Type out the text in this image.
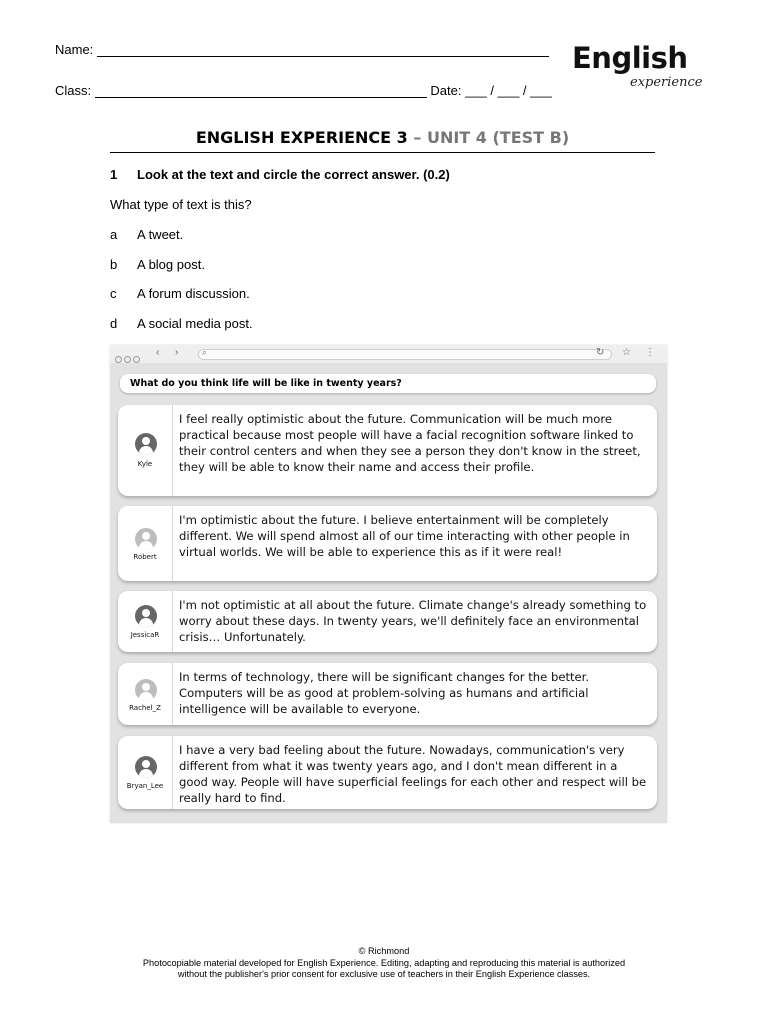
Name:
Class:	Date: ___ / ___ / ___
English
experience
ENGLISH EXPERIENCE 3 – UNIT 4 (TEST B)
1 Look at the text and circle the correct answer. (0.2)
What type of text is this?
a A tweet.
b A blog post.
c A forum discussion.
d A social media post.
‹ ›	⌕	↻ ☆ ⋮
What do you think life will be like in twenty years?
Kyle
I feel really optimistic about the future. Communication will be much more practical because most people will have a facial recognition software linked to their control centers and when they see a person they don't know in the street, they will be able to know their name and access their profile.
Robert
I'm optimistic about the future. I believe entertainment will be completely different. We will spend almost all of our time interacting with other people in virtual worlds. We will be able to experience this as if it were real!
JessicaR
I'm not optimistic at all about the future. Climate change's already something to worry about these days. In twenty years, we'll definitely face an environmental crisis… Unfortunately.
Rachel_Z
In terms of technology, there will be significant changes for the better. Computers will be as good at problem-solving as humans and artificial intelligence will be available to everyone.
Bryan_Lee
I have a very bad feeling about the future. Nowadays, communication's very different from what it was twenty years ago, and I don't mean different in a good way. People will have superficial feelings for each other and respect will be really hard to find.
© Richmond
Photocopiable material developed for English Experience. Editing, adapting and reproducing this material is authorized
without the publisher's prior consent for exclusive use of teachers in their English Experience classes.
